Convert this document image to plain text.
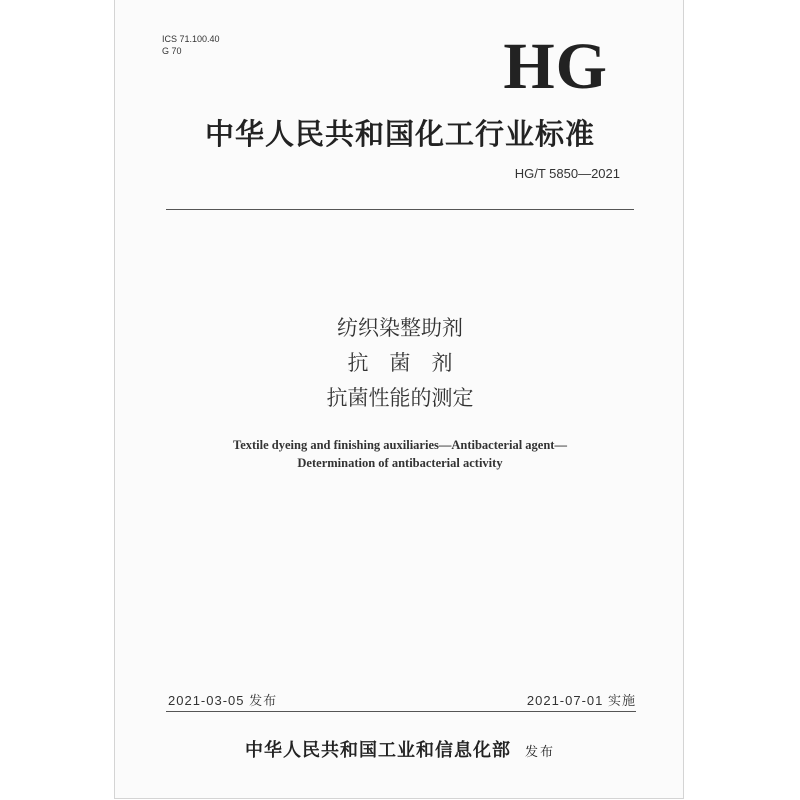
ICS 71.100.40
G 70	HG
中华人民共和国化工行业标准
HG/T 5850—2021
纺织染整助剂
抗　菌　剂
抗菌性能的测定
Textile dyeing and finishing auxiliaries—Antibacterial agent—
Determination of antibacterial activity
2021-03-05 发布	2021-07-01 实施
中华人民共和国工业和信息化部 发布
